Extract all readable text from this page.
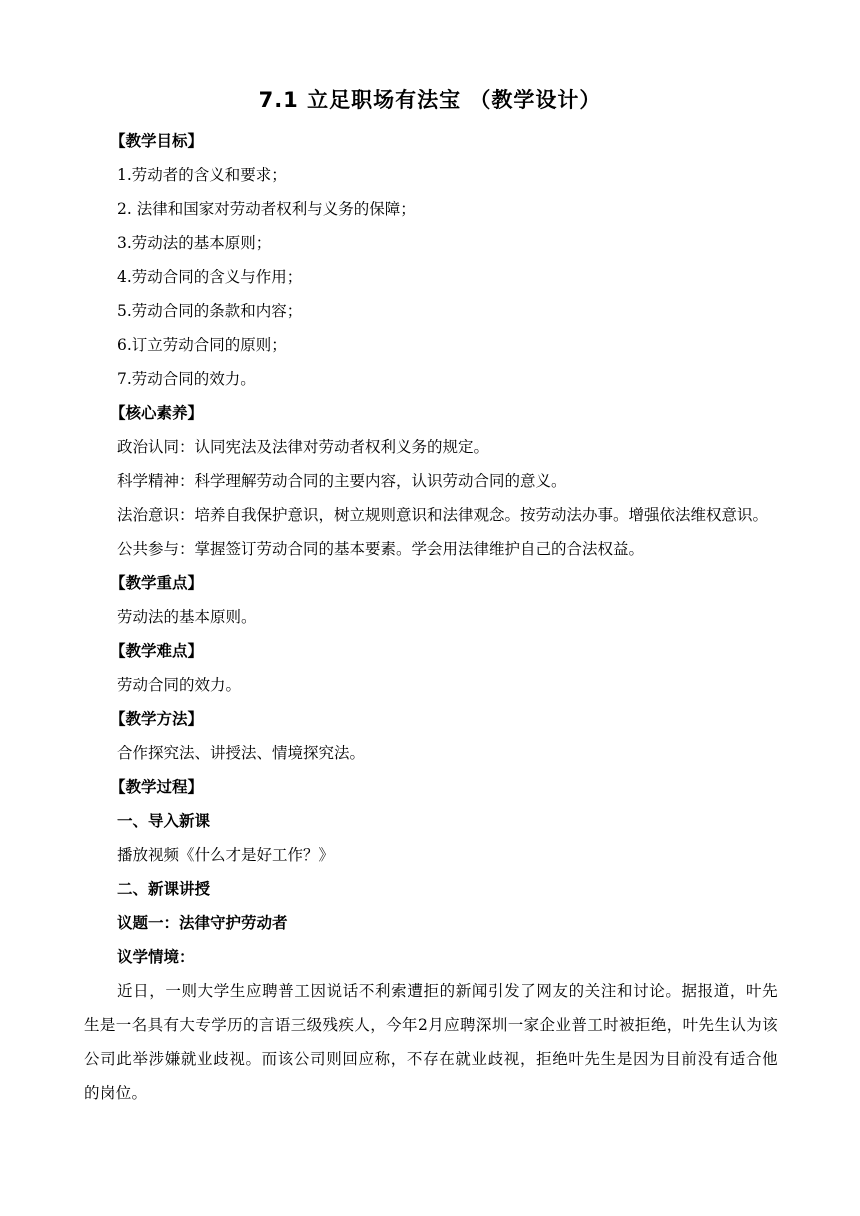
7.1 立足职场有法宝 （教学设计）
【教学目标】
1.劳动者的含义和要求；
2. 法律和国家对劳动者权利与义务的保障；
3.劳动法的基本原则；
4.劳动合同的含义与作用；
5.劳动合同的条款和内容；
6.订立劳动合同的原则；
7.劳动合同的效力。
【核心素养】
政治认同：认同宪法及法律对劳动者权利义务的规定。
科学精神：科学理解劳动合同的主要内容，认识劳动合同的意义。
法治意识：培养自我保护意识，树立规则意识和法律观念。按劳动法办事。增强依法维权意识。
公共参与：掌握签订劳动合同的基本要素。学会用法律维护自己的合法权益。
【教学重点】
劳动法的基本原则。
【教学难点】
劳动合同的效力。
【教学方法】
合作探究法、讲授法、情境探究法。
【教学过程】
一、导入新课
播放视频《什么才是好工作？》
二、新课讲授
议题一：法律守护劳动者
议学情境：
近日，一则大学生应聘普工因说话不利索遭拒的新闻引发了网友的关注和讨论。据报道，叶先生是一名具有大专学历的言语三级残疾人，今年2月应聘深圳一家企业普工时被拒绝，叶先生认为该公司此举涉嫌就业歧视。而该公司则回应称，不存在就业歧视，拒绝叶先生是因为目前没有适合他的岗位。
